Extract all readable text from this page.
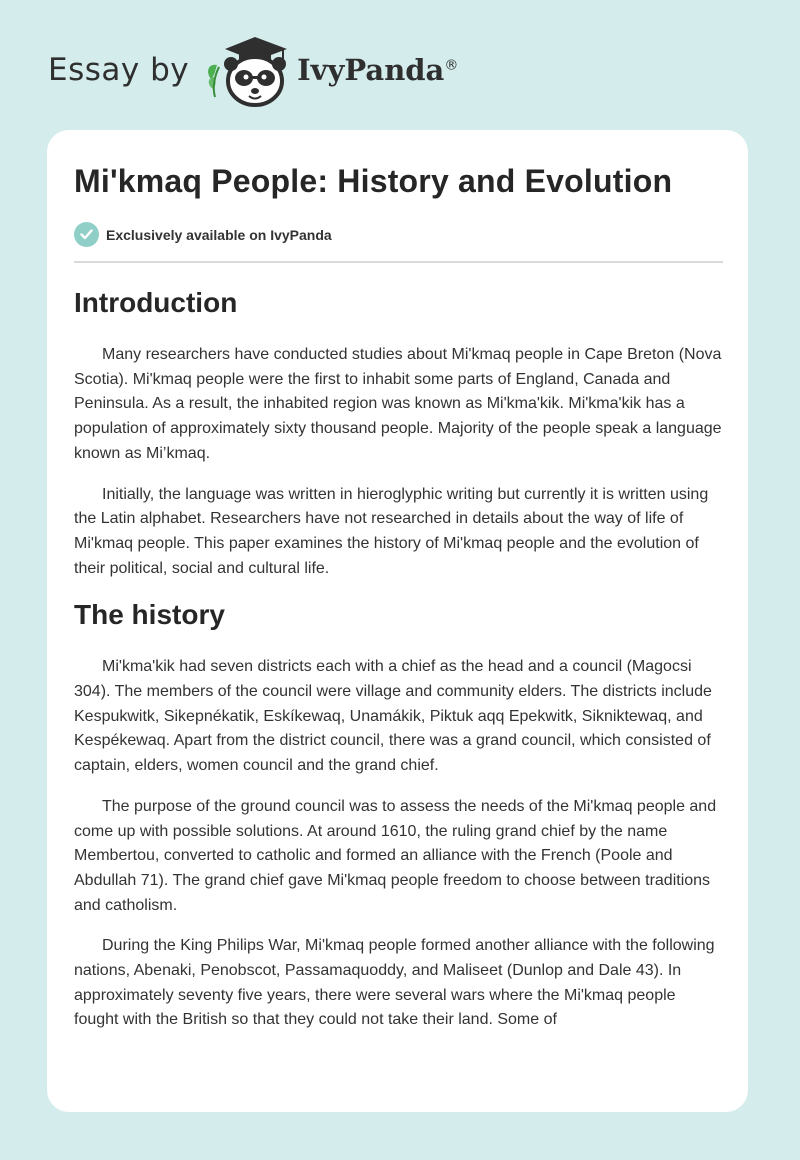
Essay by	IvyPanda®
Mi'kmaq People: History and Evolution
Exclusively available on IvyPanda
Introduction

Many researchers have conducted studies about Mi'kmaq people in Cape Breton (Nova Scotia). Mi'kmaq people were the first to inhabit some parts of England, Canada and Peninsula. As a result, the inhabited region was known as Mi'kma'kik. Mi'kma'kik has a population of approximately sixty thousand people. Majority of the people speak a language known as Mi’kmaq.

Initially, the language was written in hieroglyphic writing but currently it is written using the Latin alphabet. Researchers have not researched in details about the way of life of Mi'kmaq people. This paper examines the history of Mi'kmaq people and the evolution of their political, social and cultural life.

The history

Mi'kma'kik had seven districts each with a chief as the head and a council (Magocsi 304). The members of the council were village and community elders. The districts include Kespukwitk, Sikepnékatik, Eskíkewaq, Unamákik, Piktuk aqq Epekwitk, Sikniktewaq, and Kespékewaq. Apart from the district council, there was a grand council, which consisted of captain, elders, women council and the grand chief.

The purpose of the ground council was to assess the needs of the Mi'kmaq people and come up with possible solutions. At around 1610, the ruling grand chief by the name Membertou, converted to catholic and formed an alliance with the French (Poole and Abdullah 71). The grand chief gave Mi'kmaq people freedom to choose between traditions and catholism.

During the King Philips War, Mi'kmaq people formed another alliance with the following nations, Abenaki, Penobscot, Passamaquoddy, and Maliseet (Dunlop and Dale 43). In approximately seventy five years, there were several wars where the Mi'kmaq people fought with the British so that they could not take their land. Some of
